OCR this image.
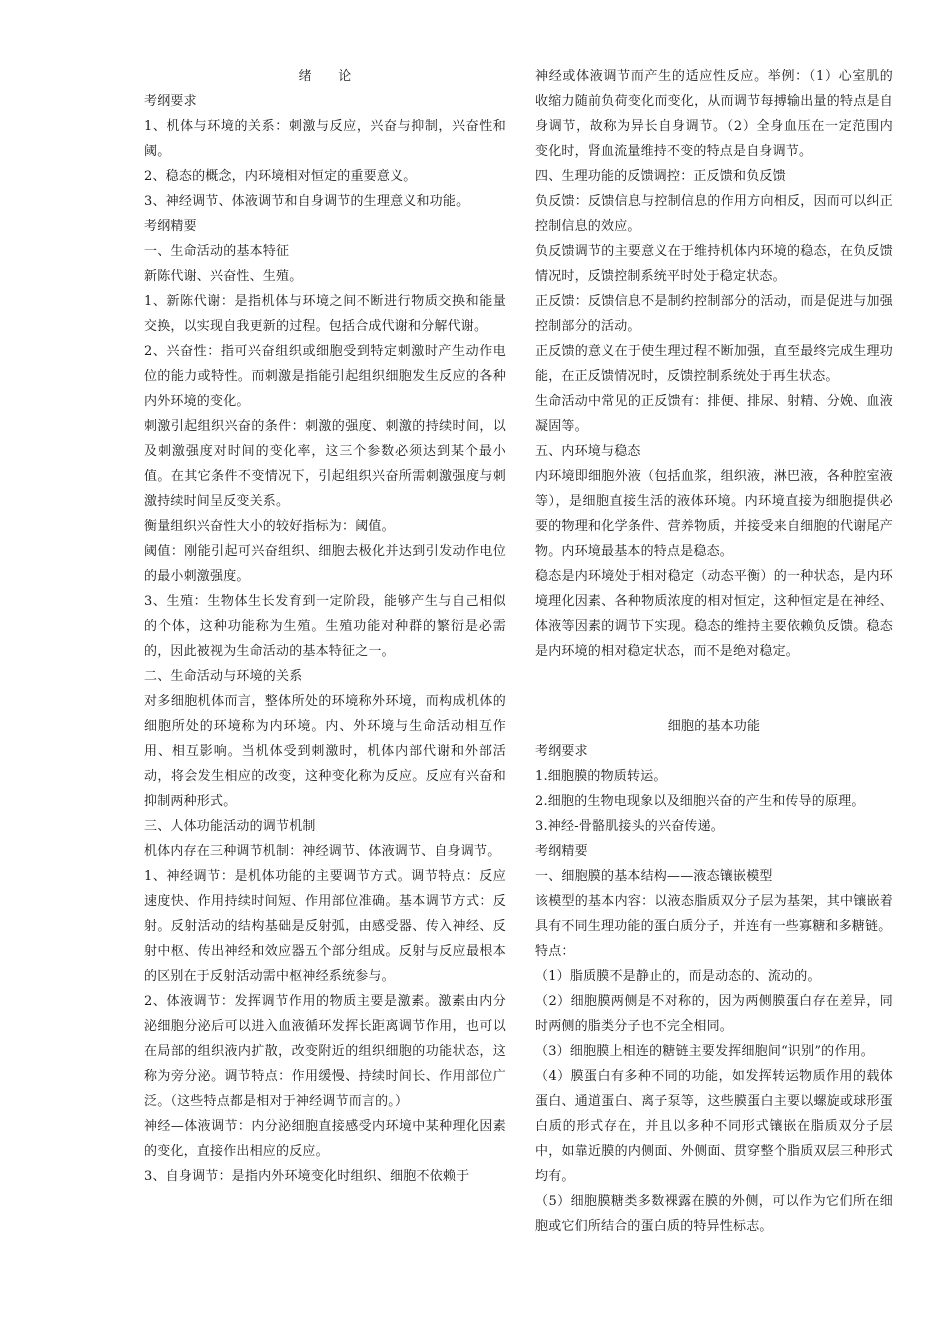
绪　　论

考纲要求

1、机体与环境的关系：刺激与反应，兴奋与抑制，兴奋性和阈。

2、稳态的概念，内环境相对恒定的重要意义。

3、神经调节、体液调节和自身调节的生理意义和功能。

考纲精要

一、生命活动的基本特征

新陈代谢、兴奋性、生殖。

1、新陈代谢：是指机体与环境之间不断进行物质交换和能量交换，以实现自我更新的过程。包括合成代谢和分解代谢。

2、兴奋性：指可兴奋组织或细胞受到特定刺激时产生动作电位的能力或特性。而刺激是指能引起组织细胞发生反应的各种内外环境的变化。

刺激引起组织兴奋的条件：刺激的强度、刺激的持续时间，以及刺激强度对时间的变化率，这三个参数必须达到某个最小值。在其它条件不变情况下，引起组织兴奋所需刺激强度与刺激持续时间呈反变关系。

衡量组织兴奋性大小的较好指标为：阈值。

阈值：刚能引起可兴奋组织、细胞去极化并达到引发动作电位的最小刺激强度。

3、生殖：生物体生长发育到一定阶段，能够产生与自己相似的个体，这种功能称为生殖。生殖功能对种群的繁衍是必需的，因此被视为生命活动的基本特征之一。

二、生命活动与环境的关系

对多细胞机体而言，整体所处的环境称外环境，而构成机体的细胞所处的环境称为内环境。内、外环境与生命活动相互作用、相互影响。当机体受到刺激时，机体内部代谢和外部活动，将会发生相应的改变，这种变化称为反应。反应有兴奋和抑制两种形式。

三、人体功能活动的调节机制

机体内存在三种调节机制：神经调节、体液调节、自身调节。

1、神经调节：是机体功能的主要调节方式。调节特点：反应速度快、作用持续时间短、作用部位准确。基本调节方式：反射。反射活动的结构基础是反射弧，由感受器、传入神经、反射中枢、传出神经和效应器五个部分组成。反射与反应最根本的区别在于反射活动需中枢神经系统参与。

2、体液调节：发挥调节作用的物质主要是激素。激素由内分泌细胞分泌后可以进入血液循环发挥长距离调节作用，也可以在局部的组织液内扩散，改变附近的组织细胞的功能状态，这称为旁分泌。调节特点：作用缓慢、持续时间长、作用部位广泛。（这些特点都是相对于神经调节而言的。）

神经—体液调节：内分泌细胞直接感受内环境中某种理化因素的变化，直接作出相应的反应。

3、自身调节：是指内外环境变化时组织、细胞不依赖于

神经或体液调节而产生的适应性反应。举例：（1）心室肌的收缩力随前负荷变化而变化，从而调节每搏输出量的特点是自身调节，故称为异长自身调节。（2）全身血压在一定范围内变化时，肾血流量维持不变的特点是自身调节。

四、生理功能的反馈调控：正反馈和负反馈

负反馈：反馈信息与控制信息的作用方向相反，因而可以纠正控制信息的效应。

负反馈调节的主要意义在于维持机体内环境的稳态，在负反馈情况时，反馈控制系统平时处于稳定状态。

正反馈：反馈信息不是制约控制部分的活动，而是促进与加强控制部分的活动。

正反馈的意义在于使生理过程不断加强，直至最终完成生理功能，在正反馈情况时，反馈控制系统处于再生状态。

生命活动中常见的正反馈有：排便、排尿、射精、分娩、血液凝固等。

五、内环境与稳态

内环境即细胞外液（包括血浆，组织液，淋巴液，各种腔室液等），是细胞直接生活的液体环境。内环境直接为细胞提供必要的物理和化学条件、营养物质，并接受来自细胞的代谢尾产物。内环境最基本的特点是稳态。

稳态是内环境处于相对稳定（动态平衡）的一种状态，是内环境理化因素、各种物质浓度的相对恒定，这种恒定是在神经、体液等因素的调节下实现。稳态的维持主要依赖负反馈。稳态是内环境的相对稳定状态，而不是绝对稳定。

细胞的基本功能

考纲要求

1.细胞膜的物质转运。

2.细胞的生物电现象以及细胞兴奋的产生和传导的原理。

3.神经-骨骼肌接头的兴奋传递。

考纲精要

一、细胞膜的基本结构——液态镶嵌模型

该模型的基本内容：以液态脂质双分子层为基架，其中镶嵌着具有不同生理功能的蛋白质分子，并连有一些寡糖和多糖链。

特点：

（1）脂质膜不是静止的，而是动态的、流动的。

（2）细胞膜两侧是不对称的，因为两侧膜蛋白存在差异，同时两侧的脂类分子也不完全相同。

（3）细胞膜上相连的糖链主要发挥细胞间“识别”的作用。

（4）膜蛋白有多种不同的功能，如发挥转运物质作用的载体蛋白、通道蛋白、离子泵等，这些膜蛋白主要以螺旋或球形蛋白质的形式存在，并且以多种不同形式镶嵌在脂质双分子层中，如靠近膜的内侧面、外侧面、贯穿整个脂质双层三种形式均有。

（5）细胞膜糖类多数裸露在膜的外侧，可以作为它们所在细胞或它们所结合的蛋白质的特异性标志。
